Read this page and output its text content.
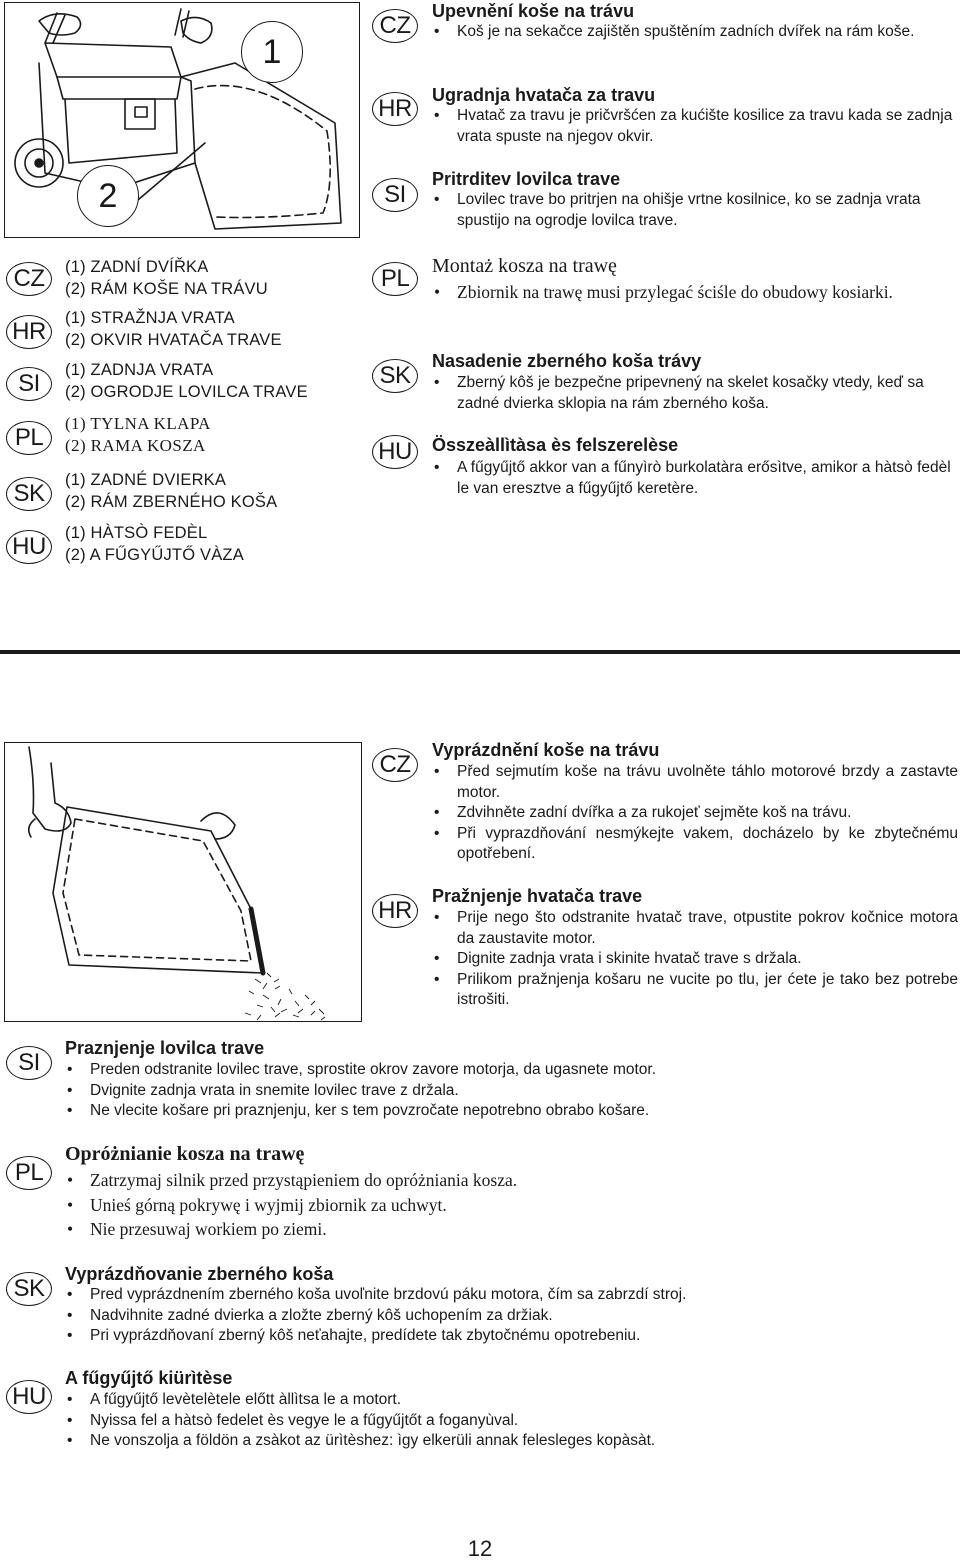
1
2
CZ	(1) ZADNÍ DVÍŘKA
(2) RÁM KOŠE NA TRÁVU
HR	(1) STRAŽNJA VRATA
(2) OKVIR HVATAČA TRAVE
SI	(1) ZADNJA VRATA
(2) OGRODJE LOVILCA TRAVE
PL
(1) TYLNA KLAPA
(2) RAMA KOSZA
SK	(1) ZADNÉ DVIERKA
(2) RÁM ZBERNÉHO KOŠA
HU	(1) HÀTSÒ FEDÈL
(2) A FŰGYŰJTŐ VÀZA
CZ
Upevnění koše na trávu
• Koš je na sekačce zajištěn spuštěním zadních dvířek na rám koše.
HR	Ugradnja hvatača za travu
• Hvatač za travu je pričvršćen za kućište kosilice za travu kada se zadnja vrata spuste na njegov okvir.
SI
Pritrditev lovilca trave
• Lovilec trave bo pritrjen na ohišje vrtne kosilnice, ko se zadnja vrata spustijo na ogrodje lovilca trave.
PL	Montaż kosza na trawę
• Zbiornik na trawę musi przylegać ściśle do obudowy kosiarki.
SK
Nasadenie zberného koša trávy
• Zberný kôš je bezpečne pripevnený na skelet kosačky vtedy, keď sa zadné dvierka sklopia na rám zberného koša.
HU	Összeàllìtàsa ès felszerelèse
• A fűgyűjtő akkor van a fűnyìrò burkolatàra erősìtve, amikor a hàtsò fedèl le van eresztve a fűgyűjtő keretère.
CZ
Vyprázdnění koše na trávu
• Před sejmutím koše na trávu uvolněte táhlo motorové brzdy a zastavte motor.
• Zdvihněte zadní dvířka a za rukojeť sejměte koš na trávu.
• Při vyprazdňování nesmýkejte vakem, docházelo by ke zbytečnému opotřebení.
HR
Pražnjenje hvatača trave
• Prije nego što odstranite hvatač trave, otpustite pokrov kočnice motora da zaustavite motor.
• Dignite zadnja vrata i skinite hvatač trave s držala.
• Prilikom pražnjenja košaru ne vucite po tlu, jer ćete je tako bez potrebe istrošiti.
SI
Praznjenje lovilca trave
• Preden odstranite lovilec trave, sprostite okrov zavore motorja, da ugasnete motor.
• Dvignite zadnja vrata in snemite lovilec trave z držala.
• Ne vlecite košare pri praznjenju, ker s tem povzročate nepotrebno obrabo košare.
PL
Opróżnianie kosza na trawę
• Zatrzymaj silnik przed przystąpieniem do opróżniania kosza.
• Unieś górną pokrywę i wyjmij zbiornik za uchwyt.
• Nie przesuwaj workiem po ziemi.
SK
Vyprázdňovanie zberného koša
• Pred vyprázdnením zberného koša uvoľnite brzdovú páku motora, čím sa zabrzdí stroj.
• Nadvihnite zadné dvierka a zložte zberný kôš uchopením za držiak.
• Pri vyprázdňovaní zberný kôš neťahajte, predídete tak zbytočnému opotrebeniu.
HU
A fűgyűjtő kiürìtèse
• A fűgyűjtő levètelètele előtt àllìtsa le a motort.
• Nyissa fel a hàtsò fedelet ès vegye le a fűgyűjtőt a foganyùval.
• Ne vonszolja a földön a zsàkot az ürìtèshez: ìgy elkerüli annak felesleges kopàsàt.
12
